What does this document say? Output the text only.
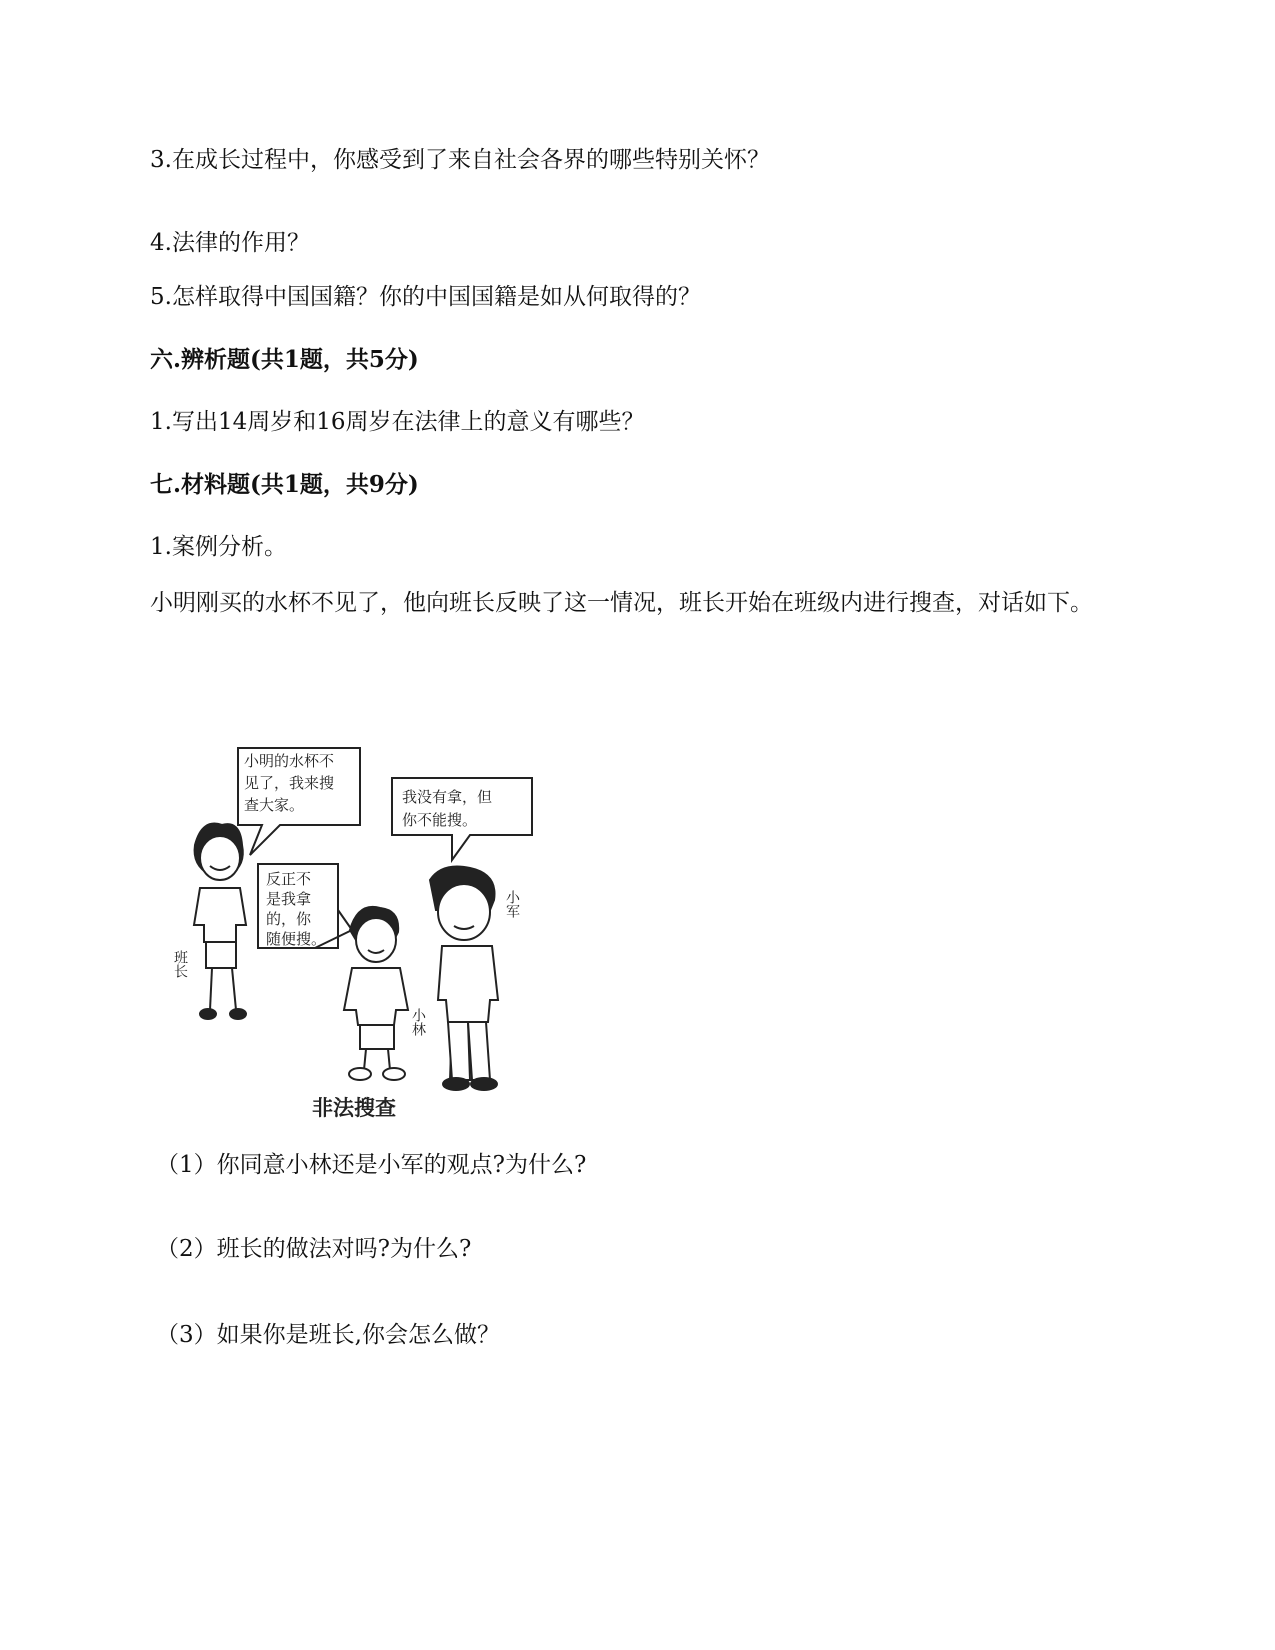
3.在成长过程中，你感受到了来自社会各界的哪些特别关怀？
4.法律的作用？
5.怎样取得中国国籍？你的中国国籍是如从何取得的？
六.辨析题(共1题，共5分)
1.写出14周岁和16周岁在法律上的意义有哪些？
七.材料题(共1题，共9分)
1.案例分析。
小明刚买的水杯不见了，他向班长反映了这一情况，班长开始在班级内进行搜查，对话如下。
小明的水杯不
见了，我来搜
查大家。	我没有拿，但
你不能搜。
反正不
是我拿
的，你
随便搜。
班长
小林
小军
非法搜查
（1）你同意小林还是小军的观点?为什么?
（2）班长的做法对吗?为什么?
（3）如果你是班长,你会怎么做？
